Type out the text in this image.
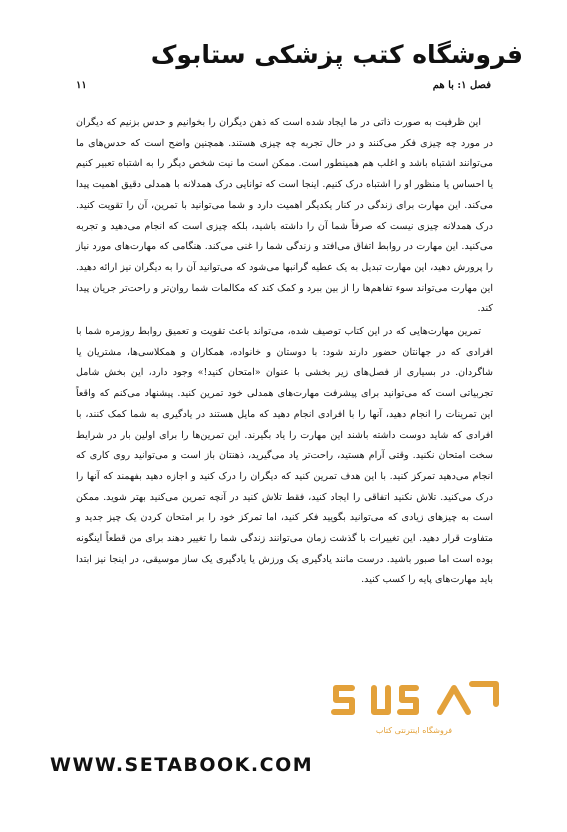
فروشگاه کتب پزشکی ستابوک
فصل ۱: با هم
۱۱

این ظرفیت به صورت ذاتی در ما ایجاد شده است که ذهن دیگران را بخوانیم و حدس بزنیم که دیگران در مورد چه چیزی فکر می‌کنند و در حال تجربه چه چیزی هستند. همچنین واضح است که حدس‌های ما می‌توانند اشتباه باشد و اغلب هم همینطور است. ممکن است ما نیت شخص دیگر را به اشتباه تعبیر کنیم یا احساس یا منظور او را اشتباه درک کنیم. اینجا است که توانایی درک همدلانه با همدلی دقیق اهمیت پیدا می‌کند. این مهارت برای زندگی در کنار یکدیگر اهمیت دارد و شما می‌توانید با تمرین، آن را تقویت کنید. درک همدلانه چیزی نیست که صرفاً شما آن را داشته باشید، بلکه چیزی است که انجام می‌دهید و تجربه می‌کنید. این مهارت در روابط اتفاق می‌افتد و زندگی شما را غنی می‌کند. هنگامی که مهارت‌های مورد نیاز را پرورش دهید، این مهارت تبدیل به یک عطیه گرانبها می‌شود که می‌توانید آن را به دیگران نیز ارائه دهید. این مهارت می‌تواند سوء تفاهم‌ها را از بین ببرد و کمک کند که مکالمات شما روان‌تر و راحت‌تر جریان پیدا کند.

تمرین مهارت‌هایی که در این کتاب توصیف شده، می‌تواند باعث تقویت و تعمیق روابط روزمره شما با افرادی که در جهانتان حضور دارند شود: با دوستان و خانواده، همکاران و همکلاسی‌ها، مشتریان یا شاگردان. در بسیاری از فصل‌های زیر بخشی با عنوان «امتحان کنید!» وجود دارد، این بخش شامل تجربیاتی است که می‌توانید برای پیشرفت مهارت‌های همدلی خود تمرین کنید. پیشنهاد می‌کنم که واقعاً این تمرینات را انجام دهید، آنها را با افرادی انجام دهید که مایل هستند در یادگیری به شما کمک کنند، با افرادی که شاید دوست داشته باشند این مهارت را یاد بگیرند. این تمرین‌ها را برای اولین بار در شرایط سخت امتحان نکنید. وقتی آرام هستید، راحت‌تر یاد می‌گیرید، ذهنتان باز است و می‌توانید روی کاری که انجام می‌دهید تمرکز کنید. با این هدف تمرین کنید که دیگران را درک کنید و اجازه دهید بفهمند که آنها را درک می‌کنید. تلاش نکنید اتفاقی را ایجاد کنید، فقط تلاش کنید در آنچه تمرین می‌کنید بهتر شوید. ممکن است به چیزهای زیادی که می‌توانید بگویید فکر کنید، اما تمرکز خود را بر امتحان کردن یک چیز جدید و متفاوت قرار دهید. این تغییرات با گذشت زمان می‌توانند زندگی شما را تغییر دهند برای من قطعاً اینگونه بوده است اما صبور باشید. درست مانند یادگیری یک ورزش یا یادگیری یک ساز موسیقی، در اینجا نیز ابتدا باید مهارت‌های پایه را کسب کنید.

فروشگاه اینترنتی کتاب
WWW.SETABOOK.COM
